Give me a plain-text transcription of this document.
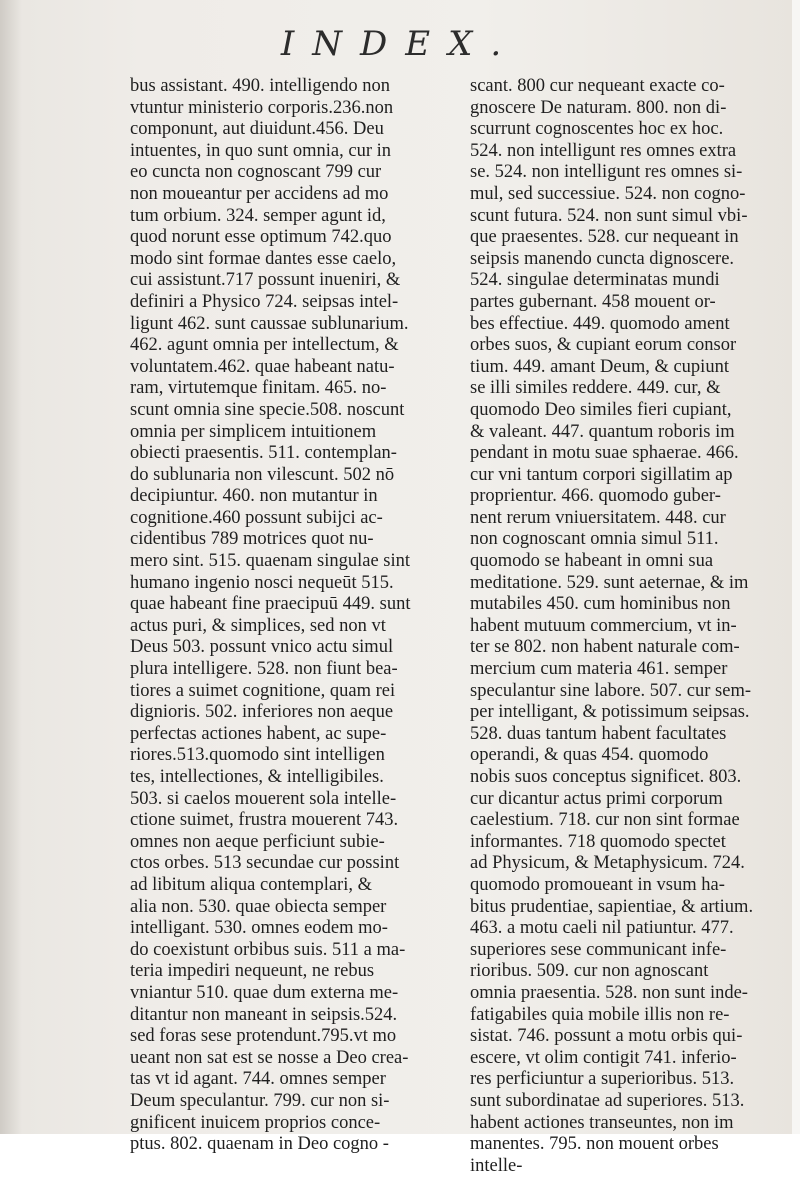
INDEX.
bus assistant. 490. intelligendo non
vtuntur ministerio corporis.236.non
componunt, aut diuidunt.456. Deu
intuentes, in quo sunt omnia, cur in
eo cuncta non cognoscant 799 cur
non moueantur per accidens ad mo
tum orbium. 324. semper agunt id,
quod norunt esse optimum 742.quo
modo sint formae dantes esse caelo,
cui assistunt.717 possunt inueniri, &
definiri a Physico 724. seipsas intel-
ligunt 462. sunt caussae sublunarium.
462. agunt omnia per intellectum, &
voluntatem.462. quae habeant natu-
ram, virtutemque finitam. 465. no-
scunt omnia sine specie.508. noscunt
omnia per simplicem intuitionem
obiecti praesentis. 511. contemplan-
do sublunaria non vilescunt. 502 nō
decipiuntur. 460. non mutantur in
cognitione.460 possunt subijci ac-
cidentibus 789 motrices quot nu-
mero sint. 515. quaenam singulae sint
humano ingenio nosci nequeūt 515.
quae habeant fine praecipuū 449. sunt
actus puri, & simplices, sed non vt
Deus 503. possunt vnico actu simul
plura intelligere. 528. non fiunt bea-
tiores a suimet cognitione, quam rei
dignioris. 502. inferiores non aeque
perfectas actiones habent, ac supe-
riores.513.quomodo sint intelligen
tes, intellectiones, & intelligibiles.
503. si caelos mouerent sola intelle-
ctione suimet, frustra mouerent 743.
omnes non aeque perficiunt subie-
ctos orbes. 513 secundae cur possint
ad libitum aliqua contemplari, &
alia non. 530. quae obiecta semper
intelligant. 530. omnes eodem mo-
do coexistunt orbibus suis. 511 a ma-
teria impediri nequeunt, ne rebus
vniantur 510. quae dum externa me-
ditantur non maneant in seipsis.524.
sed foras sese protendunt.795.vt mo
ueant non sat est se nosse a Deo crea-
tas vt id agant. 744. omnes semper
Deum speculantur. 799. cur non si-
gnificent inuicem proprios conce-
ptus. 802. quaenam in Deo cogno -
scant. 800 cur nequeant exacte co-
gnoscere De naturam. 800. non di-
scurrunt cognoscentes hoc ex hoc.
524. non intelligunt res omnes extra
se. 524. non intelligunt res omnes si-
mul, sed successiue. 524. non cogno-
scunt futura. 524. non sunt simul vbi-
que praesentes. 528. cur nequeant in
seipsis manendo cuncta dignoscere.
524. singulae determinatas mundi
partes gubernant. 458 mouent or-
bes effectiue. 449. quomodo ament
orbes suos, & cupiant eorum consor
tium. 449. amant Deum, & cupiunt
se illi similes reddere. 449. cur, &
quomodo Deo similes fieri cupiant,
& valeant. 447. quantum roboris im
pendant in motu suae sphaerae. 466.
cur vni tantum corpori sigillatim ap
proprientur. 466. quomodo guber-
nent rerum vniuersitatem. 448. cur
non cognoscant omnia simul 511.
quomodo se habeant in omni sua
meditatione. 529. sunt aeternae, & im
mutabiles 450. cum hominibus non
habent mutuum commercium, vt in-
ter se 802. non habent naturale com-
mercium cum materia 461. semper
speculantur sine labore. 507. cur sem-
per intelligant, & potissimum seipsas.
528. duas tantum habent facultates
operandi, & quas 454. quomodo
nobis suos conceptus significet. 803.
cur dicantur actus primi corporum
caelestium. 718. cur non sint formae
informantes. 718 quomodo spectet
ad Physicum, & Metaphysicum. 724.
quomodo promoueant in vsum ha-
bitus prudentiae, sapientiae, & artium.
463. a motu caeli nil patiuntur. 477.
superiores sese communicant infe-
rioribus. 509. cur non agnoscant
omnia praesentia. 528. non sunt inde-
fatigabiles quia mobile illis non re-
sistat. 746. possunt a motu orbis qui-
escere, vt olim contigit 741. inferio-
res perficiuntur a superioribus. 513.
sunt subordinatae ad superiores. 513.
habent actiones transeuntes, non im
manentes. 795. non mouent orbes
intelle-
